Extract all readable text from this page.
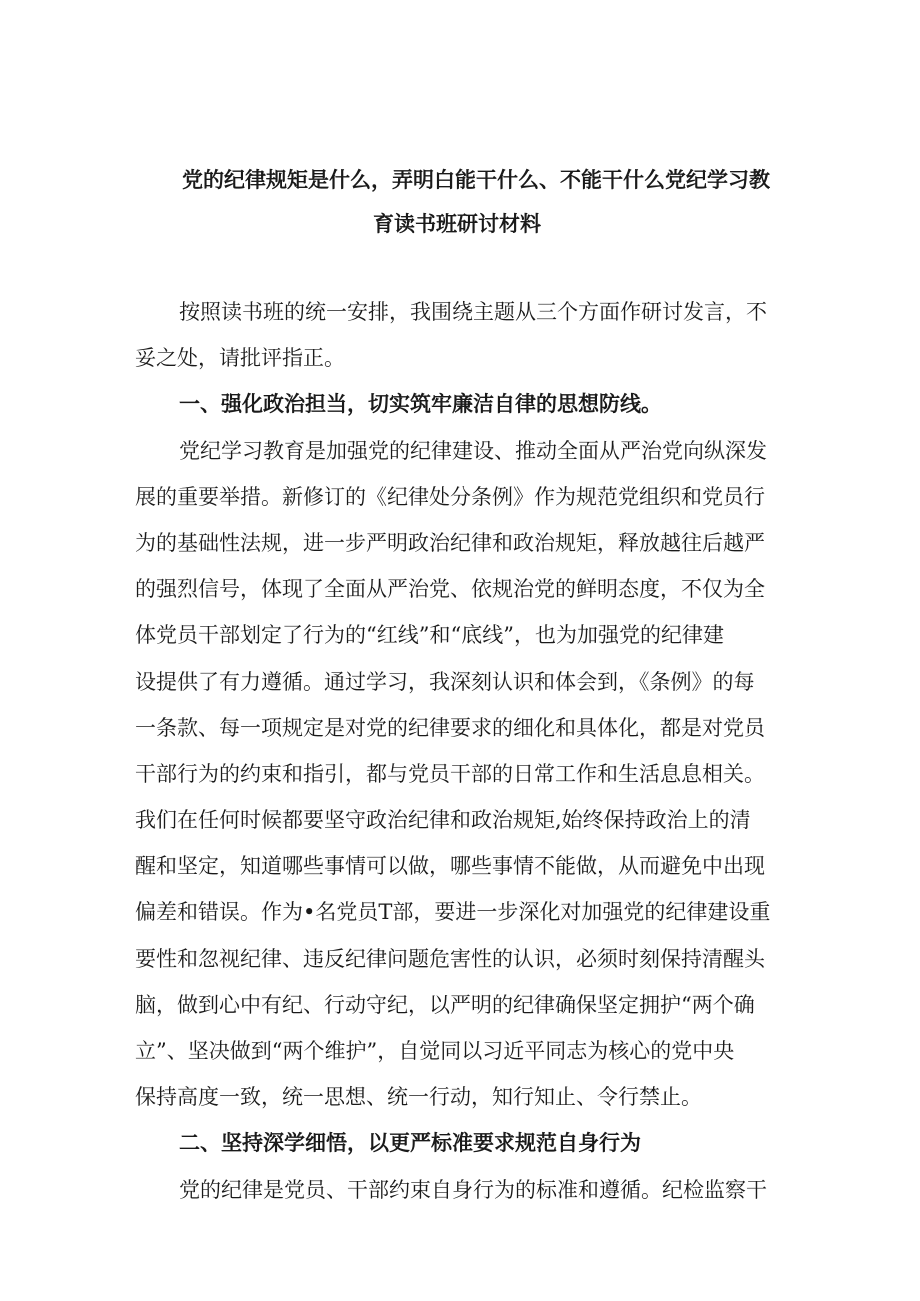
党的纪律规矩是什么，弄明白能干什么、不能干什么党纪学习教
育读书班研讨材料
按照读书班的统一安排，我围绕主题从三个方面作研讨发言，不
妥之处，请批评指正。
一、强化政治担当，切实筑牢廉洁自律的思想防线。
党纪学习教育是加强党的纪律建设、推动全面从严治党向纵深发
展的重要举措。新修订的《纪律处分条例》作为规范党组织和党员行
为的基础性法规，进一步严明政治纪律和政治规矩，释放越往后越严
的强烈信号，体现了全面从严治党、依规治党的鲜明态度，不仅为全
体党员干部划定了行为的“红线”和“底线”，也为加强党的纪律建
设提供了有力遵循。通过学习，我深刻认识和体会到，《条例》的每
一条款、每一项规定是对党的纪律要求的细化和具体化，都是对党员
干部行为的约束和指引，都与党员干部的日常工作和生活息息相关。
我们在任何时候都要坚守政治纪律和政治规矩,始终保持政治上的清
醒和坚定，知道哪些事情可以做，哪些事情不能做，从而避免中出现
偏差和错误。作为•名党员T部，要进一步深化对加强党的纪律建设重
要性和忽视纪律、违反纪律问题危害性的认识，必须时刻保持清醒头
脑，做到心中有纪、行动守纪，以严明的纪律确保坚定拥护“两个确
立”、坚决做到“两个维护”，自觉同以习近平同志为核心的党中央
保持高度一致，统一思想、统一行动，知行知止、令行禁止。
二、坚持深学细悟，以更严标准要求规范自身行为
党的纪律是党员、干部约束自身行为的标准和遵循。纪检监察干
